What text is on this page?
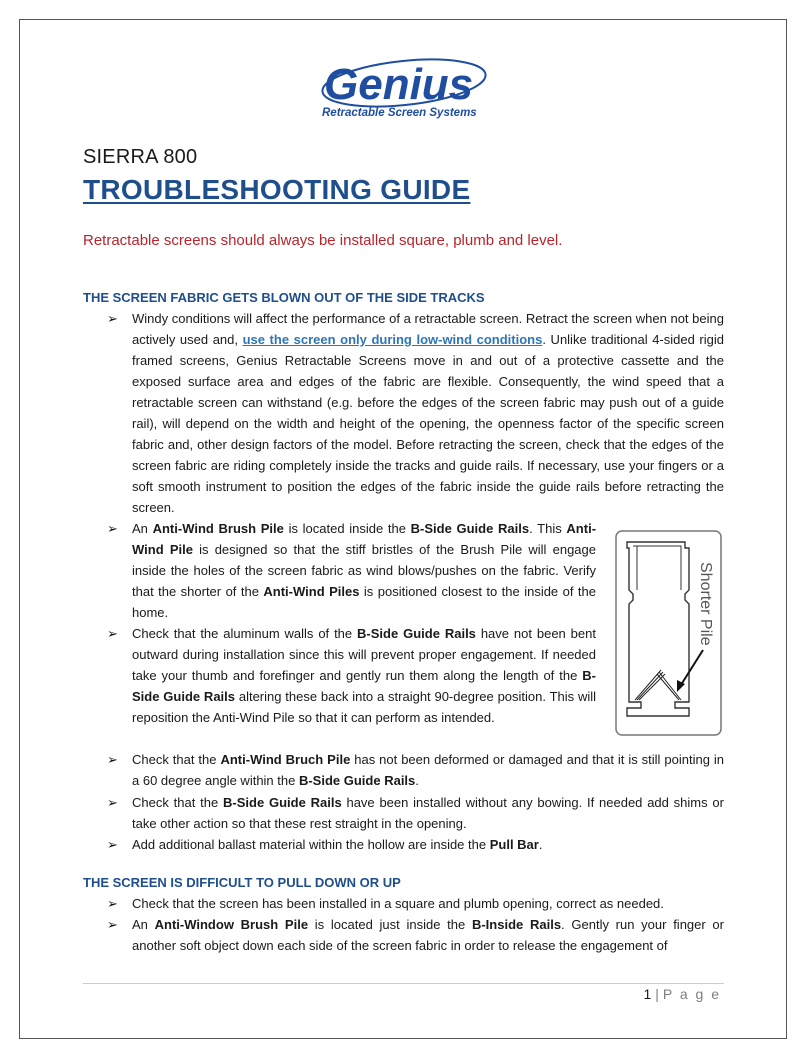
Genius
Retractable Screen Systems
SIERRA 800
TROUBLESHOOTING GUIDE
Retractable screens should always be installed square, plumb and level.
THE SCREEN FABRIC GETS BLOWN OUT OF THE SIDE TRACKS
➢ Windy conditions will affect the performance of a retractable screen. Retract the screen when not being actively used and, use the screen only during low-wind conditions. Unlike traditional 4-sided rigid framed screens, Genius Retractable Screens move in and out of a protective cassette and the exposed surface area and edges of the fabric are flexible. Consequently, the wind speed that a retractable screen can withstand (e.g. before the edges of the screen fabric may push out of a guide rail), will depend on the width and height of the opening, the openness factor of the specific screen fabric and, other design factors of the model. Before retracting the screen, check that the edges of the screen fabric are riding completely inside the tracks and guide rails. If necessary, use your fingers or a soft smooth instrument to position the edges of the fabric inside the guide rails before retracting the screen.
➢ An Anti-Wind Brush Pile is located inside the B-Side Guide Rails. This Anti-Wind Pile is designed so that the stiff bristles of the Brush Pile will engage inside the holes of the screen fabric as wind blows/pushes on the fabric. Verify that the shorter of the Anti-Wind Piles is positioned closest to the inside of the home.
➢ Check that the aluminum walls of the B-Side Guide Rails have not been bent outward during installation since this will prevent proper engagement. If needed take your thumb and forefinger and gently run them along the length of the B-Side Guide Rails altering these back into a straight 90-degree position. This will reposition the Anti-Wind Pile so that it can perform as intended.
➢ Check that the Anti-Wind Bruch Pile has not been deformed or damaged and that it is still pointing in a 60 degree angle within the B-Side Guide Rails.
➢ Check that the B-Side Guide Rails have been installed without any bowing. If needed add shims or take other action so that these rest straight in the opening.
➢ Add additional ballast material within the hollow are inside the Pull Bar.
Shorter Pile
THE SCREEN IS DIFFICULT TO PULL DOWN OR UP
➢ Check that the screen has been installed in a square and plumb opening, correct as needed.
➢ An Anti-Window Brush Pile is located just inside the B-Inside Rails. Gently run your finger or another soft object down each side of the screen fabric in order to release the engagement of
1 | P a g e
